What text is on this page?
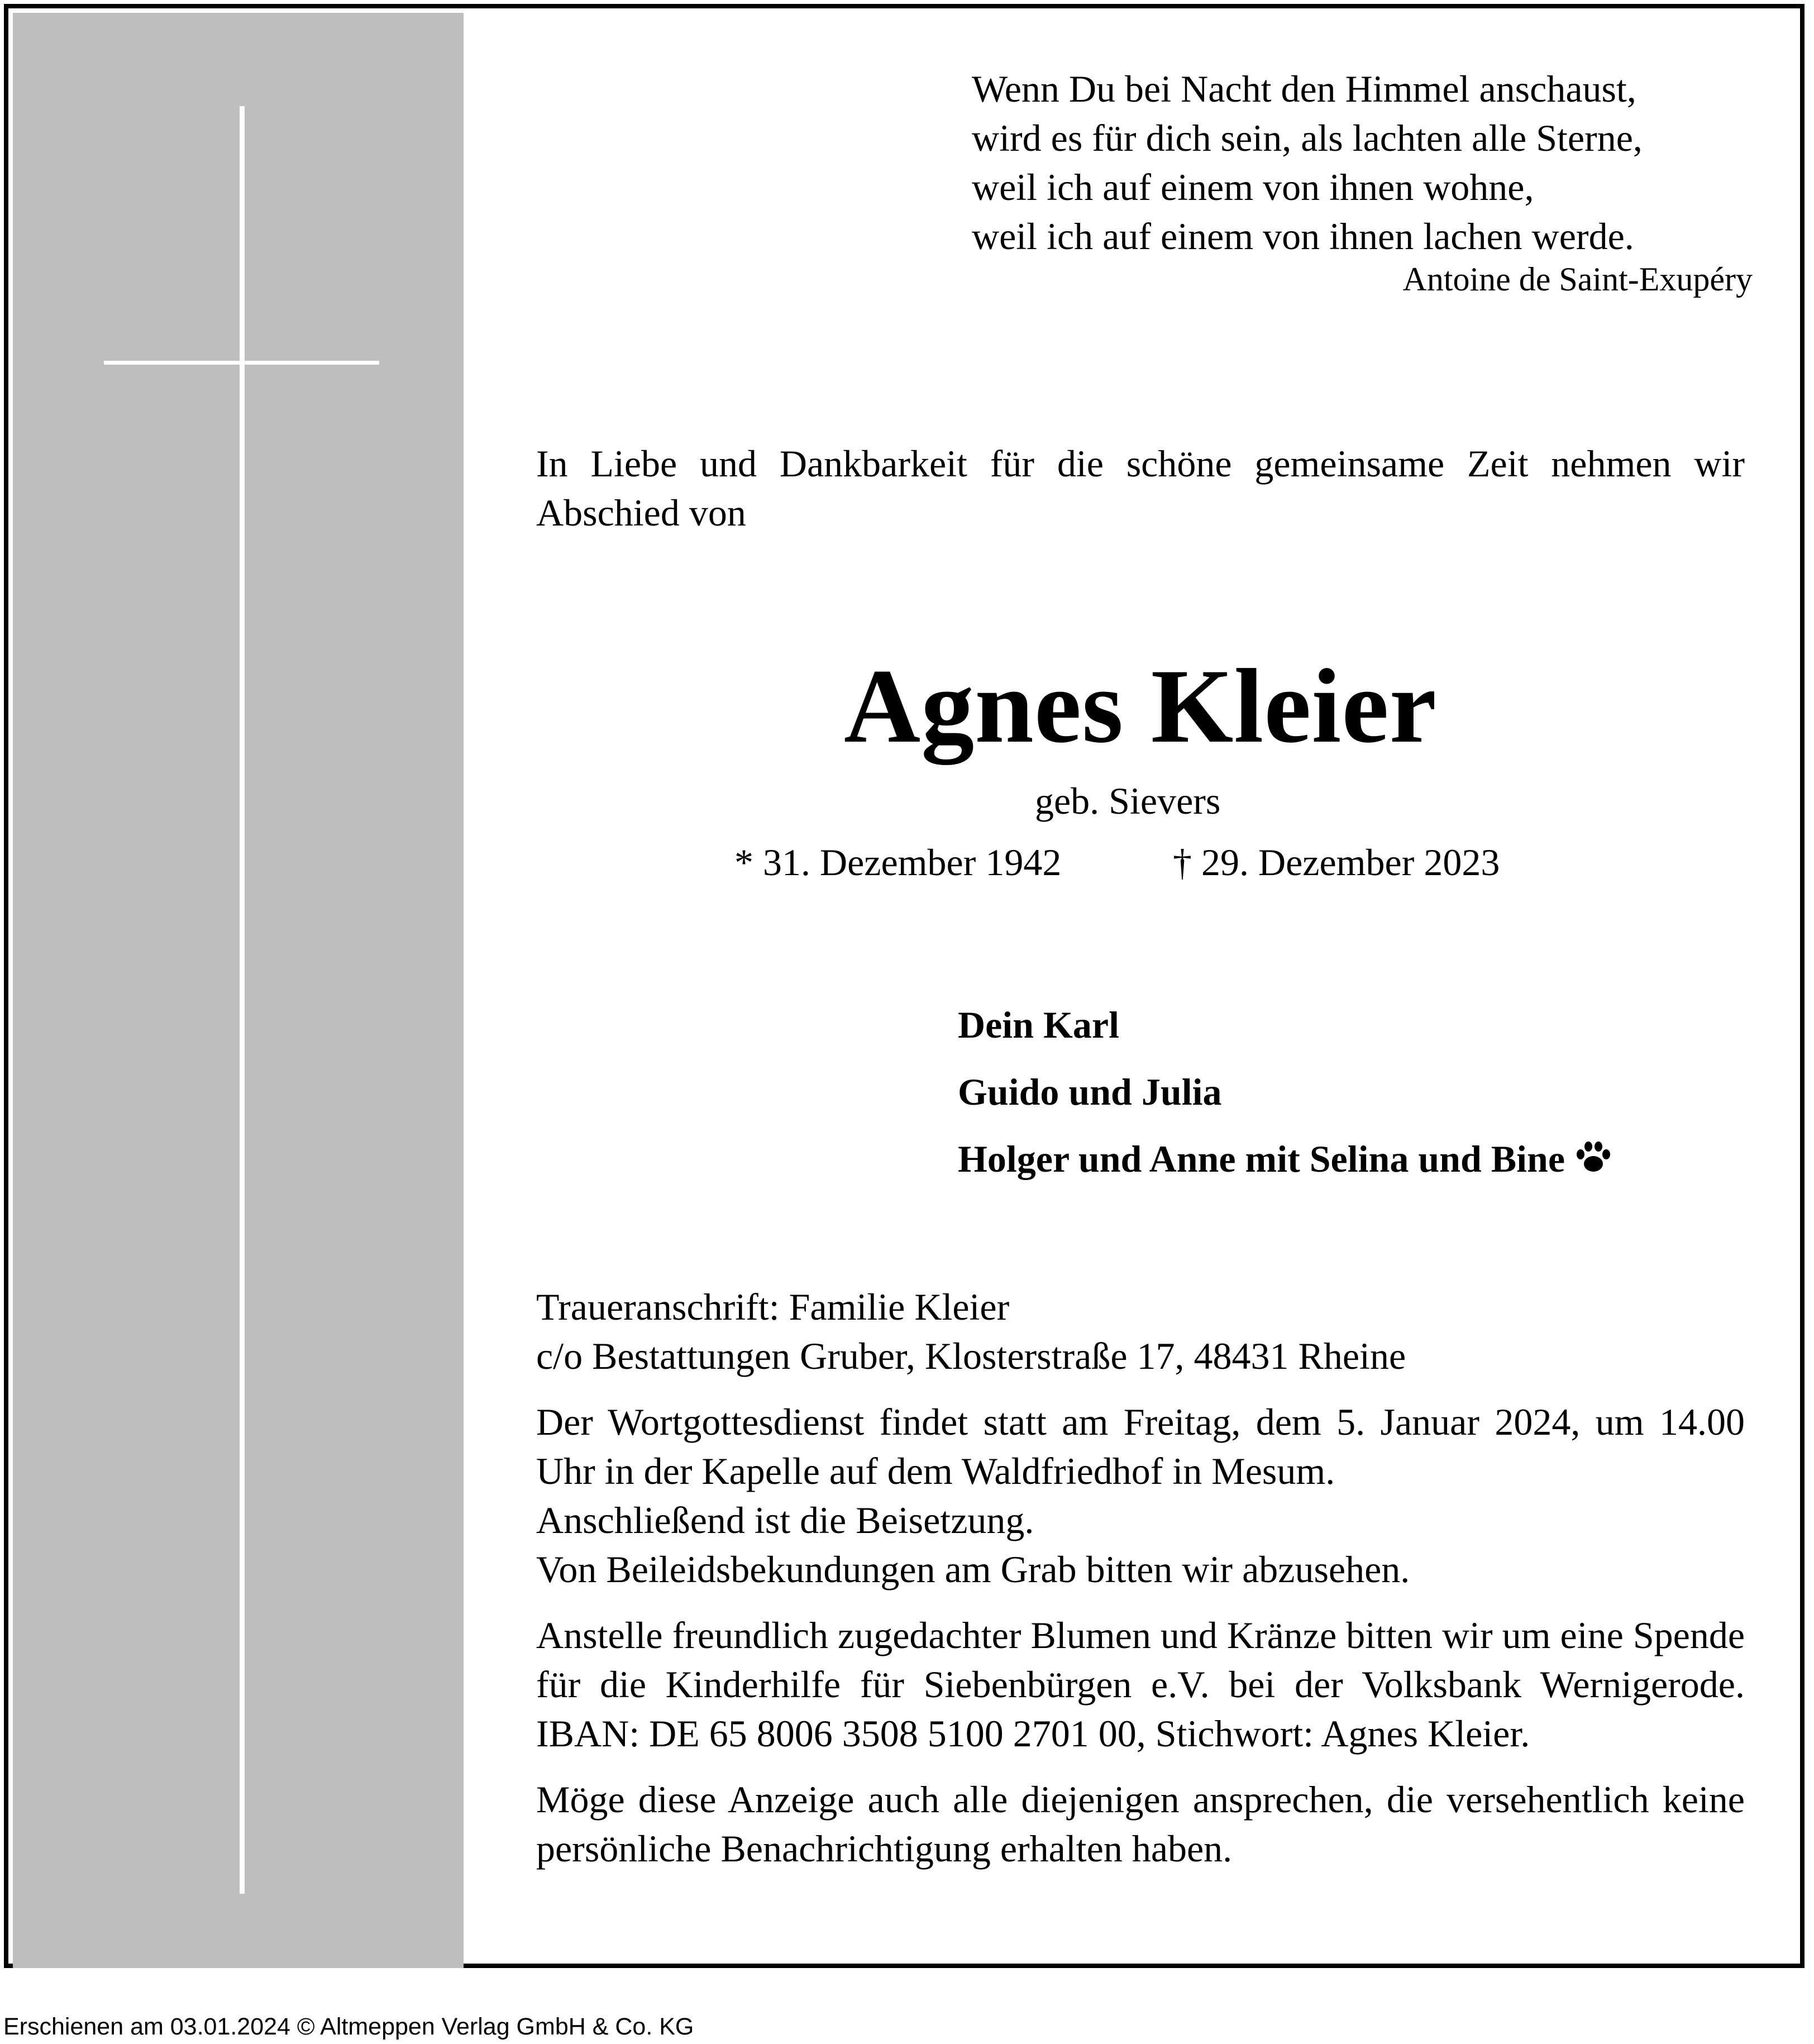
Wenn Du bei Nacht den Himmel anschaust,
wird es für dich sein, als lachten alle Sterne,
weil ich auf einem von ihnen wohne,
weil ich auf einem von ihnen lachen werde.
Antoine de Saint-Exupéry
In Liebe und Dankbarkeit für die schöne gemeinsame Zeit nehmen wir Abschied von
Agnes Kleier
geb. Sievers
* 31. Dezember 1942	† 29. Dezember 2023
Dein Karl
Guido und Julia
Holger und Anne mit Selina und Bine
Traueranschrift: Familie Kleier
c/o Bestattungen Gruber, Klosterstraße 17, 48431 Rheine
Der Wortgottesdienst findet statt am Freitag, dem 5. Januar 2024, um 14.00 Uhr in der Kapelle auf dem Waldfriedhof in Mesum.
Anschließend ist die Beisetzung.
Von Beileidsbekundungen am Grab bitten wir abzusehen.
Anstelle freundlich zugedachter Blumen und Kränze bitten wir um eine Spende für die Kinderhilfe für Siebenbürgen e.V. bei der Volksbank Wernigerode. IBAN: DE 65 8006 3508 5100 2701 00, Stichwort: Agnes Kleier.
Möge diese Anzeige auch alle diejenigen ansprechen, die versehentlich keine persönliche Benachrichtigung erhalten haben.
Erschienen am 03.01.2024 © Altmeppen Verlag GmbH & Co. KG
